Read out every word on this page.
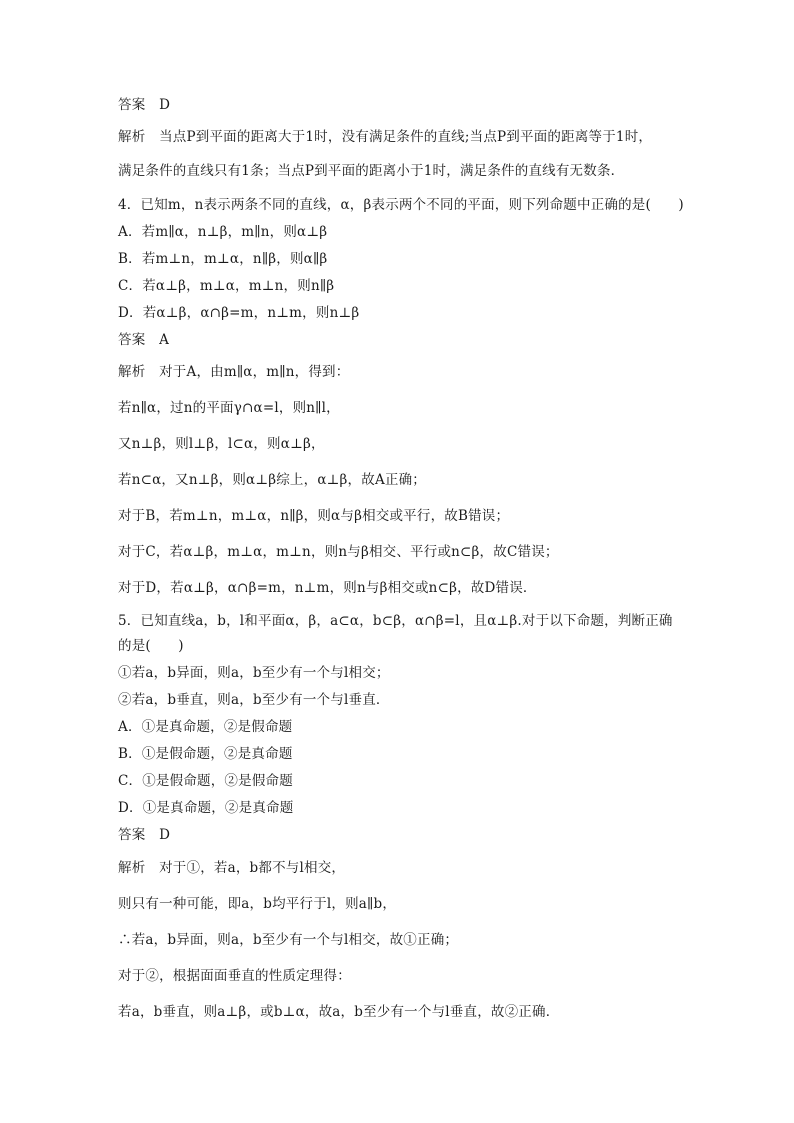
答案　D
解析　当点P到平面的距离大于1时，没有满足条件的直线;当点P到平面的距离等于1时，
满足条件的直线只有1条；当点P到平面的距离小于1时，满足条件的直线有无数条．
4．已知m，n表示两条不同的直线，α，β表示两个不同的平面，则下列命题中正确的是(　　)
A．若m∥α，n⊥β，m∥n，则α⊥β
B．若m⊥n，m⊥α，n∥β，则α∥β
C．若α⊥β，m⊥α，m⊥n，则n∥β
D．若α⊥β，α∩β=m，n⊥m，则n⊥β
答案　A
解析　对于A，由m∥α，m∥n，得到：
若n∥α，过n的平面γ∩α=l，则n∥l，
又n⊥β，则l⊥β，l⊂α，则α⊥β，
若n⊂α，又n⊥β，则α⊥β综上，α⊥β，故A正确；
对于B，若m⊥n，m⊥α，n∥β，则α与β相交或平行，故B错误；
对于C，若α⊥β，m⊥α，m⊥n，则n与β相交、平行或n⊂β，故C错误；
对于D，若α⊥β，α∩β=m，n⊥m，则n与β相交或n⊂β，故D错误．
5．已知直线a，b，l和平面α，β，a⊂α，b⊂β，α∩β=l，且α⊥β.对于以下命题，判断正确
的是(　　)
①若a，b异面，则a，b至少有一个与l相交；
②若a，b垂直，则a，b至少有一个与l垂直．
A．①是真命题，②是假命题
B．①是假命题，②是真命题
C．①是假命题，②是假命题
D．①是真命题，②是真命题
答案　D
解析　对于①，若a，b都不与l相交，
则只有一种可能，即a，b均平行于l，则a∥b，
∴若a，b异面，则a，b至少有一个与l相交，故①正确；
对于②，根据面面垂直的性质定理得：
若a，b垂直，则a⊥β，或b⊥α，故a，b至少有一个与l垂直，故②正确．
